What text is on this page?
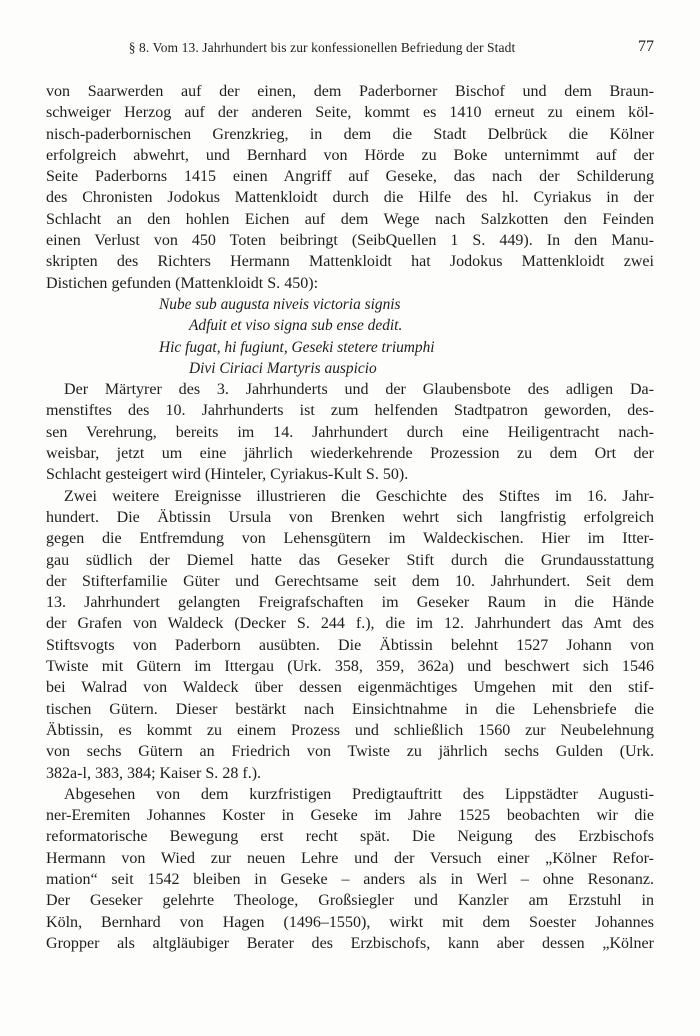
§ 8. Vom 13. Jahrhundert bis zur konfessionellen Befriedung der Stadt	77
von Saarwerden auf der einen, dem Paderborner Bischof und dem Braun-
schweiger Herzog auf der anderen Seite, kommt es 1410 erneut zu einem köl-
nisch-paderbornischen Grenzkrieg, in dem die Stadt Delbrück die Kölner
erfolgreich abwehrt, und Bernhard von Hörde zu Boke unternimmt auf der
Seite Paderborns 1415 einen Angriff auf Geseke, das nach der Schilderung
des Chronisten Jodokus Mattenkloidt durch die Hilfe des hl. Cyriakus in der
Schlacht an den hohlen Eichen auf dem Wege nach Salzkotten den Feinden
einen Verlust von 450 Toten beibringt (SeibQuellen 1 S. 449). In den Manu-
skripten des Richters Hermann Mattenkloidt hat Jodokus Mattenkloidt zwei
Distichen gefunden (Mattenkloidt S. 450):
Nube sub augusta niveis victoria signis
Adfuit et viso signa sub ense dedit.
Hic fugat, hi fugiunt, Geseki stetere triumphi
Divi Ciriaci Martyris auspicio
Der Märtyrer des 3. Jahrhunderts und der Glaubensbote des adligen Da-
menstiftes des 10. Jahrhunderts ist zum helfenden Stadtpatron geworden, des-
sen Verehrung, bereits im 14. Jahrhundert durch eine Heiligentracht nach-
weisbar, jetzt um eine jährlich wiederkehrende Prozession zu dem Ort der
Schlacht gesteigert wird (Hinteler, Cyriakus-Kult S. 50).
Zwei weitere Ereignisse illustrieren die Geschichte des Stiftes im 16. Jahr-
hundert. Die Äbtissin Ursula von Brenken wehrt sich langfristig erfolgreich
gegen die Entfremdung von Lehensgütern im Waldeckischen. Hier im Itter-
gau südlich der Diemel hatte das Geseker Stift durch die Grundausstattung
der Stifterfamilie Güter und Gerechtsame seit dem 10. Jahrhundert. Seit dem
13. Jahrhundert gelangten Freigrafschaften im Geseker Raum in die Hände
der Grafen von Waldeck (Decker S. 244 f.), die im 12. Jahrhundert das Amt des
Stiftsvogts von Paderborn ausübten. Die Äbtissin belehnt 1527 Johann von
Twiste mit Gütern im Ittergau (Urk. 358, 359, 362a) und beschwert sich 1546
bei Walrad von Waldeck über dessen eigenmächtiges Umgehen mit den stif-
tischen Gütern. Dieser bestärkt nach Einsichtnahme in die Lehensbriefe die
Äbtissin, es kommt zu einem Prozess und schließlich 1560 zur Neubelehnung
von sechs Gütern an Friedrich von Twiste zu jährlich sechs Gulden (Urk.
382a-l, 383, 384; Kaiser S. 28 f.).
Abgesehen von dem kurzfristigen Predigtauftritt des Lippstädter Augusti-
ner-Eremiten Johannes Koster in Geseke im Jahre 1525 beobachten wir die
reformatorische Bewegung erst recht spät. Die Neigung des Erzbischofs
Hermann von Wied zur neuen Lehre und der Versuch einer „Kölner Refor-
mation“ seit 1542 bleiben in Geseke – anders als in Werl – ohne Resonanz.
Der Geseker gelehrte Theologe, Großsiegler und Kanzler am Erzstuhl in
Köln, Bernhard von Hagen (1496–1550), wirkt mit dem Soester Johannes
Gropper als altgläubiger Berater des Erzbischofs, kann aber dessen „Kölner
